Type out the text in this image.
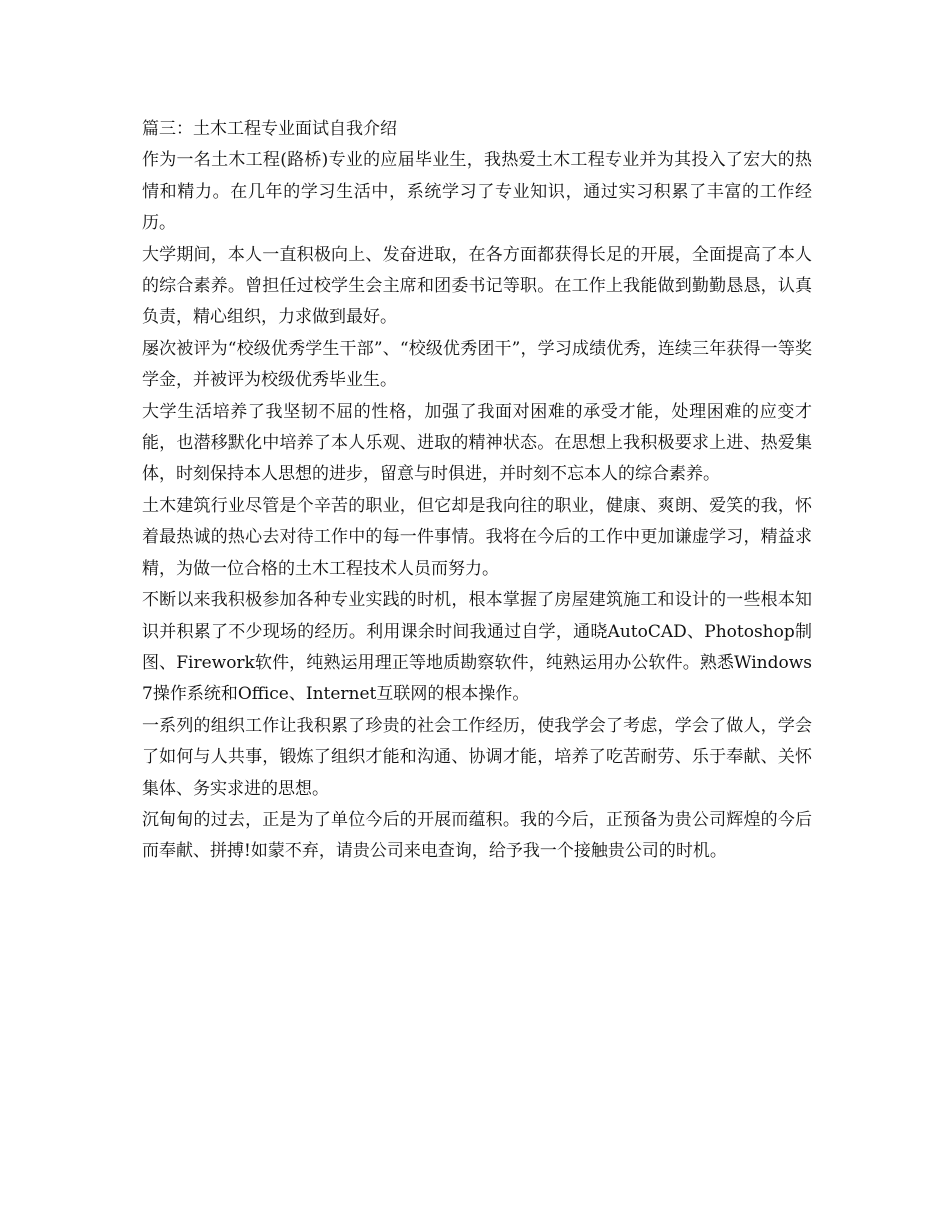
篇三：土木工程专业面试自我介绍

作为一名土木工程(路桥)专业的应届毕业生，我热爱土木工程专业并为其投入了宏大的热情和精力。在几年的学习生活中，系统学习了专业知识，通过实习积累了丰富的工作经历。

大学期间，本人一直积极向上、发奋进取，在各方面都获得长足的开展，全面提高了本人的综合素养。曾担任过校学生会主席和团委书记等职。在工作上我能做到勤勤恳恳，认真负责，精心组织，力求做到最好。

屡次被评为“校级优秀学生干部”、“校级优秀团干”，学习成绩优秀，连续三年获得一等奖学金，并被评为校级优秀毕业生。

大学生活培养了我坚韧不屈的性格，加强了我面对困难的承受才能，处理困难的应变才能，也潜移默化中培养了本人乐观、进取的精神状态。在思想上我积极要求上进、热爱集体，时刻保持本人思想的进步，留意与时俱进，并时刻不忘本人的综合素养。

土木建筑行业尽管是个辛苦的职业，但它却是我向往的职业，健康、爽朗、爱笑的我，怀着最热诚的热心去对待工作中的每一件事情。我将在今后的工作中更加谦虚学习，精益求精，为做一位合格的土木工程技术人员而努力。

不断以来我积极参加各种专业实践的时机，根本掌握了房屋建筑施工和设计的一些根本知识并积累了不少现场的经历。利用课余时间我通过自学，通晓AutoCAD、Photoshop制图、Firework软件，纯熟运用理正等地质勘察软件，纯熟运用办公软件。熟悉Windows7操作系统和Office、Internet互联网的根本操作。

一系列的组织工作让我积累了珍贵的社会工作经历，使我学会了考虑，学会了做人，学会了如何与人共事，锻炼了组织才能和沟通、协调才能，培养了吃苦耐劳、乐于奉献、关怀集体、务实求进的思想。

沉甸甸的过去，正是为了单位今后的开展而蕴积。我的今后，正预备为贵公司辉煌的今后而奉献、拼搏!如蒙不弃，请贵公司来电查询，给予我一个接触贵公司的时机。
